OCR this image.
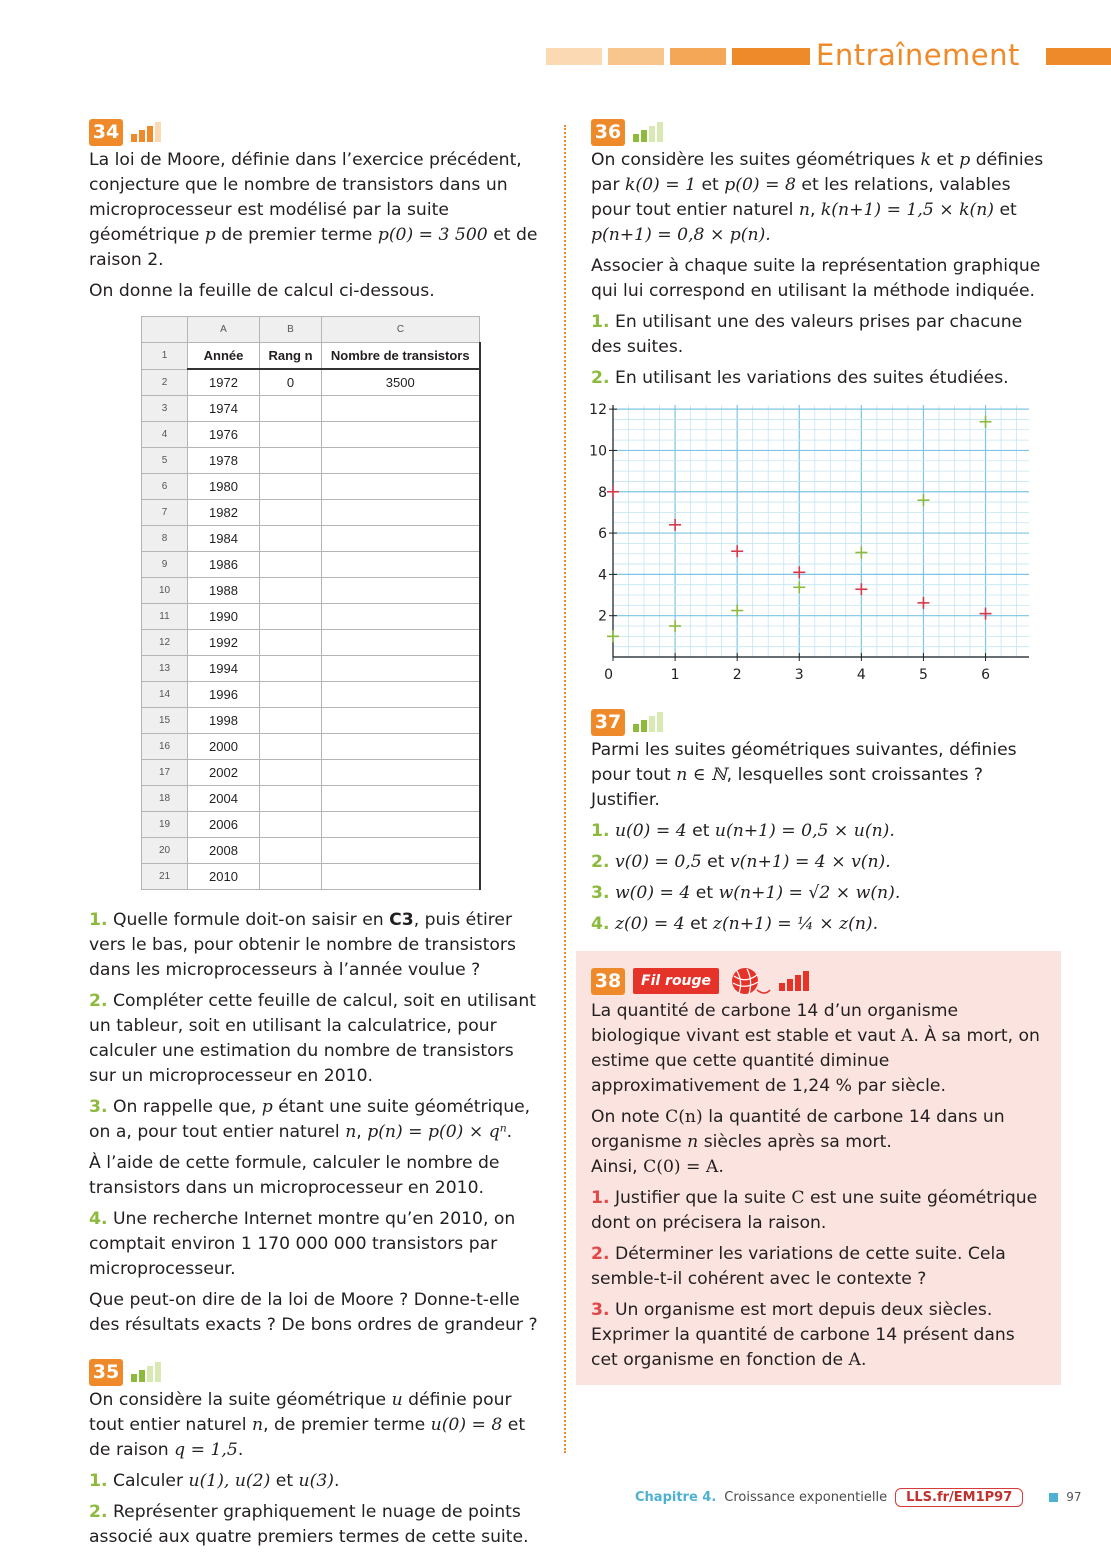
Entraînement
34

La loi de Moore, définie dans l’exercice précédent, conjecture que le nombre de transistors dans un microprocesseur est modélisé par la suite géométrique p de premier terme p(0) = 3 500 et de raison 2.

On donne la feuille de calcul ci-dessous.

	A	B	C
1	Année	Rang n	Nombre de transistors
2	1972	0	3500
3	1974		
4	1976		
5	1978		
6	1980		
7	1982		
8	1984		
9	1986		
10	1988		
11	1990		
12	1992		
13	1994		
14	1996		
15	1998		
16	2000		
17	2002		
18	2004		
19	2006		
20	2008		
21	2010		

1. Quelle formule doit-on saisir en C3, puis étirer vers le bas, pour obtenir le nombre de transistors dans les microprocesseurs à l’année voulue ?

2. Compléter cette feuille de calcul, soit en utilisant un tableur, soit en utilisant la calculatrice, pour calculer une estimation du nombre de transistors sur un microprocesseur en 2010.

3. On rappelle que, p étant une suite géométrique, on a, pour tout entier naturel n, p(n) = p(0) × qⁿ.

À l’aide de cette formule, calculer le nombre de transistors dans un microprocesseur en 2010.

4. Une recherche Internet montre qu’en 2010, on comptait environ 1 170 000 000 transistors par microprocesseur.

Que peut-on dire de la loi de Moore ? Donne-t-elle des résultats exacts ? De bons ordres de grandeur ?

35

On considère la suite géométrique u définie pour tout entier naturel n, de premier terme u(0) = 8 et de raison q = 1,5.

1. Calculer u(1), u(2) et u(3).

2. Représenter graphiquement le nuage de points associé aux quatre premiers termes de cette suite.

36

On considère les suites géométriques k et p définies par k(0) = 1 et p(0) = 8 et les relations, valables pour tout entier naturel n, k(n+1) = 1,5 × k(n) et p(n+1) = 0,8 × p(n).

Associer à chaque suite la représentation graphique qui lui correspond en utilisant la méthode indiquée.

1. En utilisant une des valeurs prises par chacune des suites.

2. En utilisant les variations des suites étudiées.

0	1	2	3	4	5	6
2
4
6
8
10
12
37

Parmi les suites géométriques suivantes, définies pour tout n ∈ ℕ, lesquelles sont croissantes ? Justifier.

1. u(0) = 4 et u(n+1) = 0,5 × u(n).

2. v(0) = 0,5 et v(n+1) = 4 × v(n).

3. w(0) = 4 et w(n+1) = √2 × w(n).

4. z(0) = 4 et z(n+1) = ¼ × z(n).

38	Fil rouge

La quantité de carbone 14 d’un organisme biologique vivant est stable et vaut A. À sa mort, on estime que cette quantité diminue approximativement de 1,24 % par siècle.

On note C(n) la quantité de carbone 14 dans un organisme n siècles après sa mort.
Ainsi, C(0) = A.

1. Justifier que la suite C est une suite géométrique dont on précisera la raison.

2. Déterminer les variations de cette suite. Cela semble-t-il cohérent avec le contexte ?

3. Un organisme est mort depuis deux siècles. Exprimer la quantité de carbone 14 présent dans cet organisme en fonction de A.

Chapitre 4. Croissance exponentielle	LLS.fr/EM1P97	97
